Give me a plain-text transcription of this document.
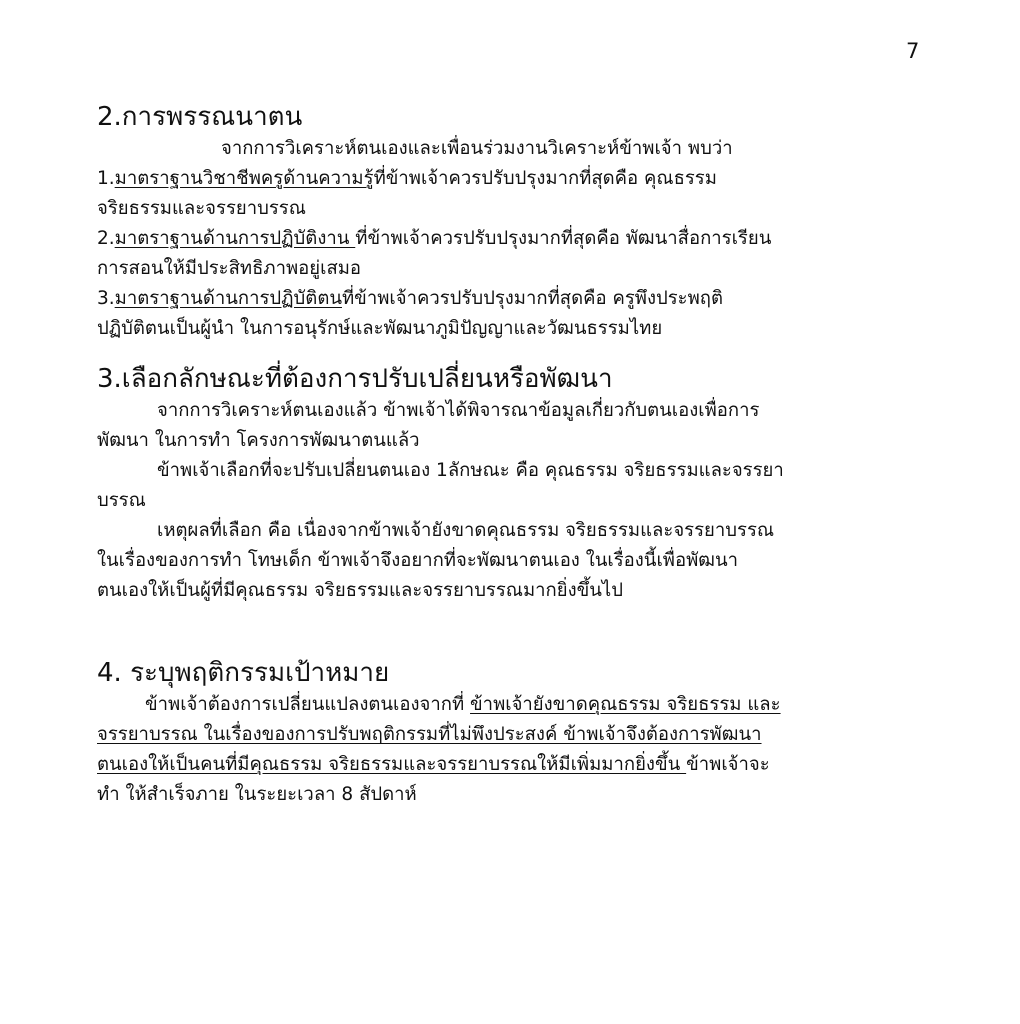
7
2.การพรรณนาตน
จากการวิเคราะห์ตนเองและเพื่อนร่วมงานวิเคราะห์ข้าพเจ้า พบว่า
1.มาตราฐานวิชาชีพครูด้านความรู้ที่ข้าพเจ้าควรปรับปรุงมากที่สุดคือ คุณธรรม
จริยธรรมและจรรยาบรรณ
2.มาตราฐานด้านการปฏิบัติงาน ที่ข้าพเจ้าควรปรับปรุงมากที่สุดคือ พัฒนาสื่อการเรียน
การสอนให้มีประสิทธิภาพอยู่เสมอ
3.มาตราฐานด้านการปฏิบัติตนที่ข้าพเจ้าควรปรับปรุงมากที่สุดคือ ครูพึงประพฤติ
ปฏิบัติตนเป็นผู้นำ ในการอนุรักษ์และพัฒนาภูมิปัญญาและวัฒนธรรมไทย
3.เลือกลักษณะที่ต้องการปรับเปลี่ยนหรือพัฒนา
จากการวิเคราะห์ตนเองแล้ว ข้าพเจ้าได้พิจารณาข้อมูลเกี่ยวกับตนเองเพื่อการ
พัฒนา ในการทำ โครงการพัฒนาตนแล้ว
ข้าพเจ้าเลือกที่จะปรับเปลี่ยนตนเอง 1ลักษณะ คือ คุณธรรม จริยธรรมและจรรยา
บรรณ
เหตุผลที่เลือก คือ เนื่องจากข้าพเจ้ายังขาดคุณธรรม จริยธรรมและจรรยาบรรณ
ในเรื่องของการทำ โทษเด็ก ข้าพเจ้าจึงอยากที่จะพัฒนาตนเอง ในเรื่องนี้เพื่อพัฒนา
ตนเองให้เป็นผู้ที่มีคุณธรรม จริยธรรมและจรรยาบรรณมากยิ่งขึ้นไป
4. ระบุพฤติกรรมเป้าหมาย
ข้าพเจ้าต้องการเปลี่ยนแปลงตนเองจากที่ ข้าพเจ้ายังขาดคุณธรรม จริยธรรม และ
จรรยาบรรณ ในเรื่องของการปรับพฤติกรรมที่ไม่พึงประสงค์ ข้าพเจ้าจึงต้องการพัฒนา
ตนเองให้เป็นคนที่มีคุณธรรม จริยธรรมและจรรยาบรรณให้มีเพิ่มมากยิ่งขึ้น ข้าพเจ้าจะ
ทำ ให้สำเร็จภาย ในระยะเวลา 8 สัปดาห์
